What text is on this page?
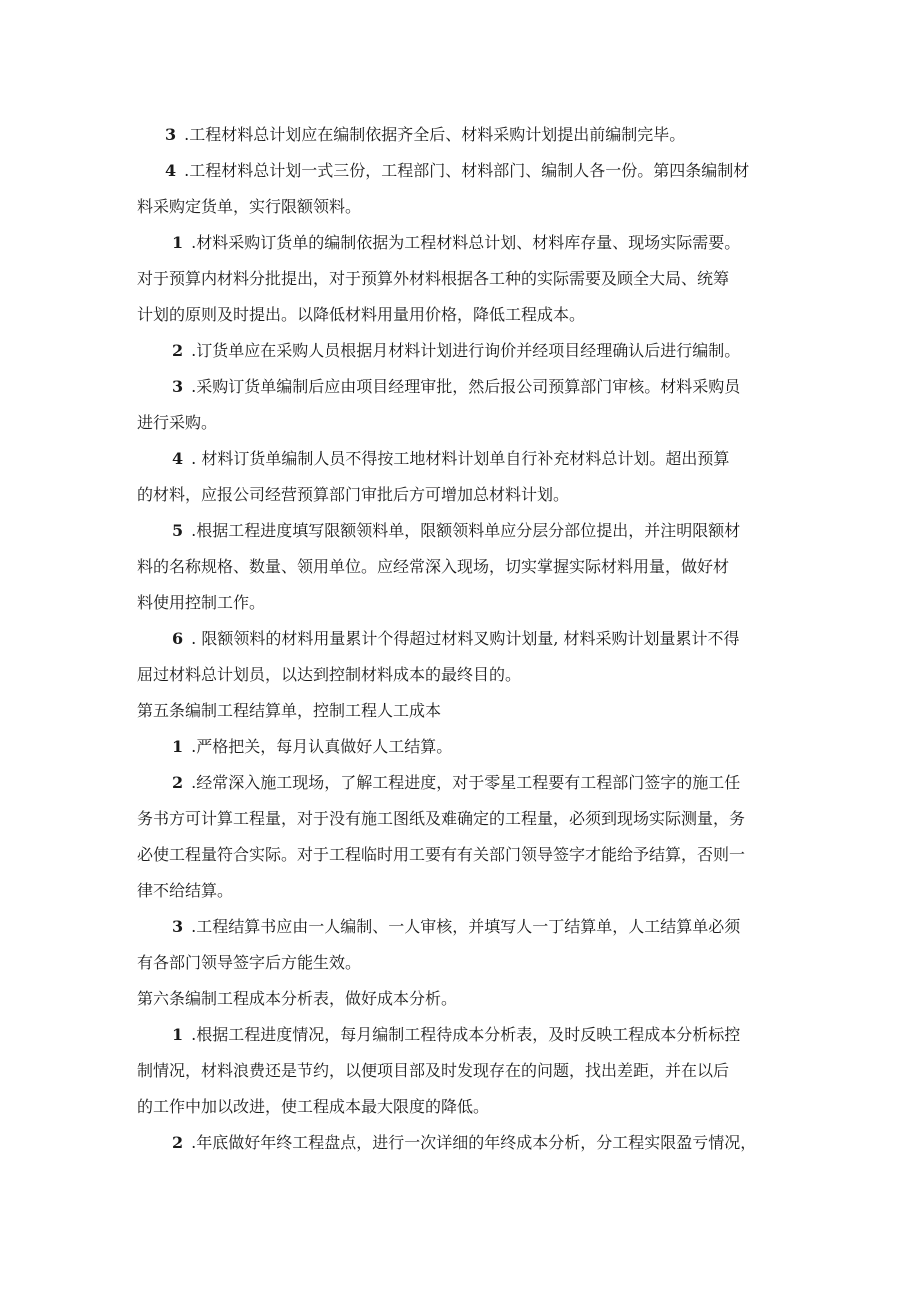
3 .工程材料总计划应在编制依据齐全后、材料采购计划提出前编制完毕。
4 .工程材料总计划一式三份，工程部门、材料部门、编制人各一份。第四条编制材
料采购定货单，实行限额领料。
1 .材料采购订货单的编制依据为工程材料总计划、材料库存量、现场实际需要。
对于预算内材料分批提出，对于预算外材料根据各工种的实际需要及顾全大局、统筹
计划的原则及时提出。以降低材料用量用价格，降低工程成本。
2 .订货单应在采购人员根据月材料计划进行询价并经项目经理确认后进行编制。
3 .采购订货单编制后应由项目经理审批，然后报公司预算部门审核。材料采购员
进行采购。
4 . 材料订货单编制人员不得按工地材料计划单自行补充材料总计划。超出预算
的材料，应报公司经营预算部门审批后方可增加总材料计划。
5 .根据工程进度填写限额领料单，限额领料单应分层分部位提出，并注明限额材
料的名称规格、数量、领用单位。应经常深入现场，切实掌握实际材料用量，做好材
料使用控制工作。
6 . 限额领料的材料用量累计个得超过材料叉购计划量, 材料采购计划量累计不得
屈过材料总计划员，以达到控制材料成本的最终目的。
第五条编制工程结算单，控制工程人工成本
1 .严格把关，每月认真做好人工结算。
2 .经常深入施工现场，了解工程进度，对于零星工程要有工程部门签字的施工任
务书方可计算工程量，对于没有施工图纸及难确定的工程量，必须到现场实际测量，务
必使工程量符合实际。对于工程临时用工要有有关部门领导签字才能给予结算，否则一
律不给结算。
3 .工程结算书应由一人编制、一人审核，并填写人一丁结算单，人工结算单必须
有各部门领导签字后方能生效。
第六条编制工程成本分析表，做好成本分析。
1 .根据工程进度情况，每月编制工程待成本分析表，及时反映工程成本分析标控
制情况，材料浪费还是节约，以便项目部及时发现存在的问题，找出差距，并在以后
的工作中加以改进，使工程成本最大限度的降低。
2 .年底做好年终工程盘点，进行一次详细的年终成本分析，分工程实限盈亏情况，
